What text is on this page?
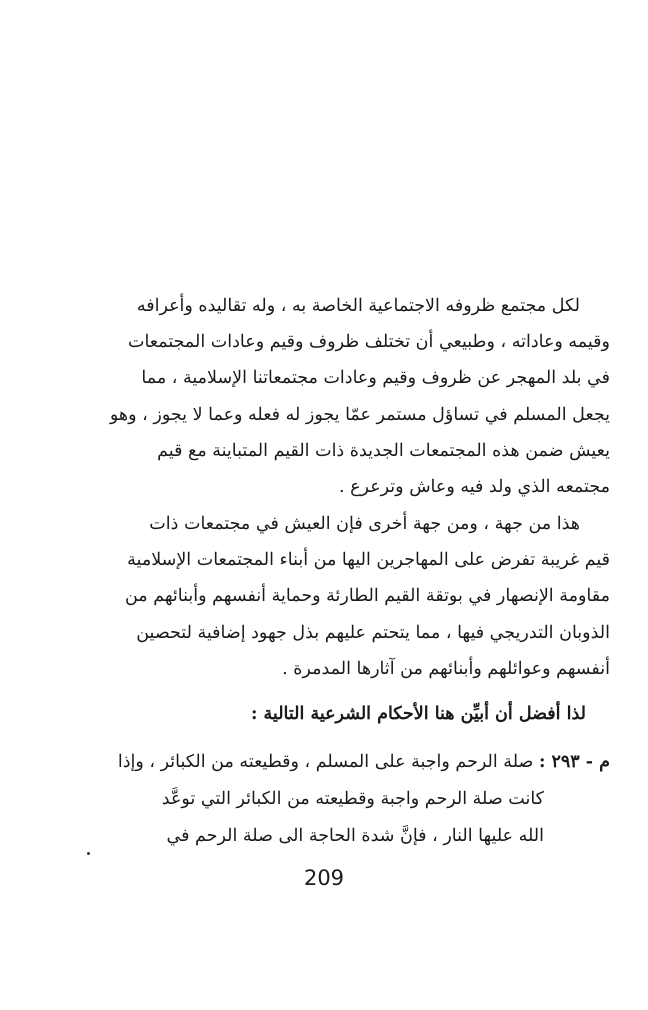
لكل مجتمع ظروفه الاجتماعية الخاصة به ، وله تقاليده وأعرافه
وقيمه وعاداته ، وطبيعي أن تختلف ظروف وقيم وعادات المجتمعات
في بلد المهجر عن ظروف وقيم وعادات مجتمعاتنا الإسلامية ، مما
يجعل المسلم في تساؤل مستمر عمّا يجوز له فعله وعما لا يجوز ، وهو
يعيش ضمن هذه المجتمعات الجديدة ذات القيم المتباينة مع قيم
مجتمعه الذي ولد فيه وعاش وترعرع .
هذا من جهة ، ومن جهة أخرى فإن العيش في مجتمعات ذات
قيم غريبة تفرض على المهاجرين اليها من أبناء المجتمعات الإسلامية
مقاومة الإنصهار في بوتقة القيم الطارئة وحماية أنفسهم وأبنائهم من
الذوبان التدريجي فيها ، مما يتحتم عليهم بذل جهود إضافية لتحصين
أنفسهم وعوائلهم وأبنائهم من آثارها المدمرة .
لذا أفضل أن أبيِّن هنا الأحكام الشرعية التالية :
م - ٢٩٣ : صلة الرحم واجبة على المسلم ، وقطيعته من الكبائر ، وإذا
كانت صلة الرحم واجبة وقطيعته من الكبائر التي توعَّد
الله عليها النار ، فإنَّ شدة الحاجة الى صلة الرحم في
209
